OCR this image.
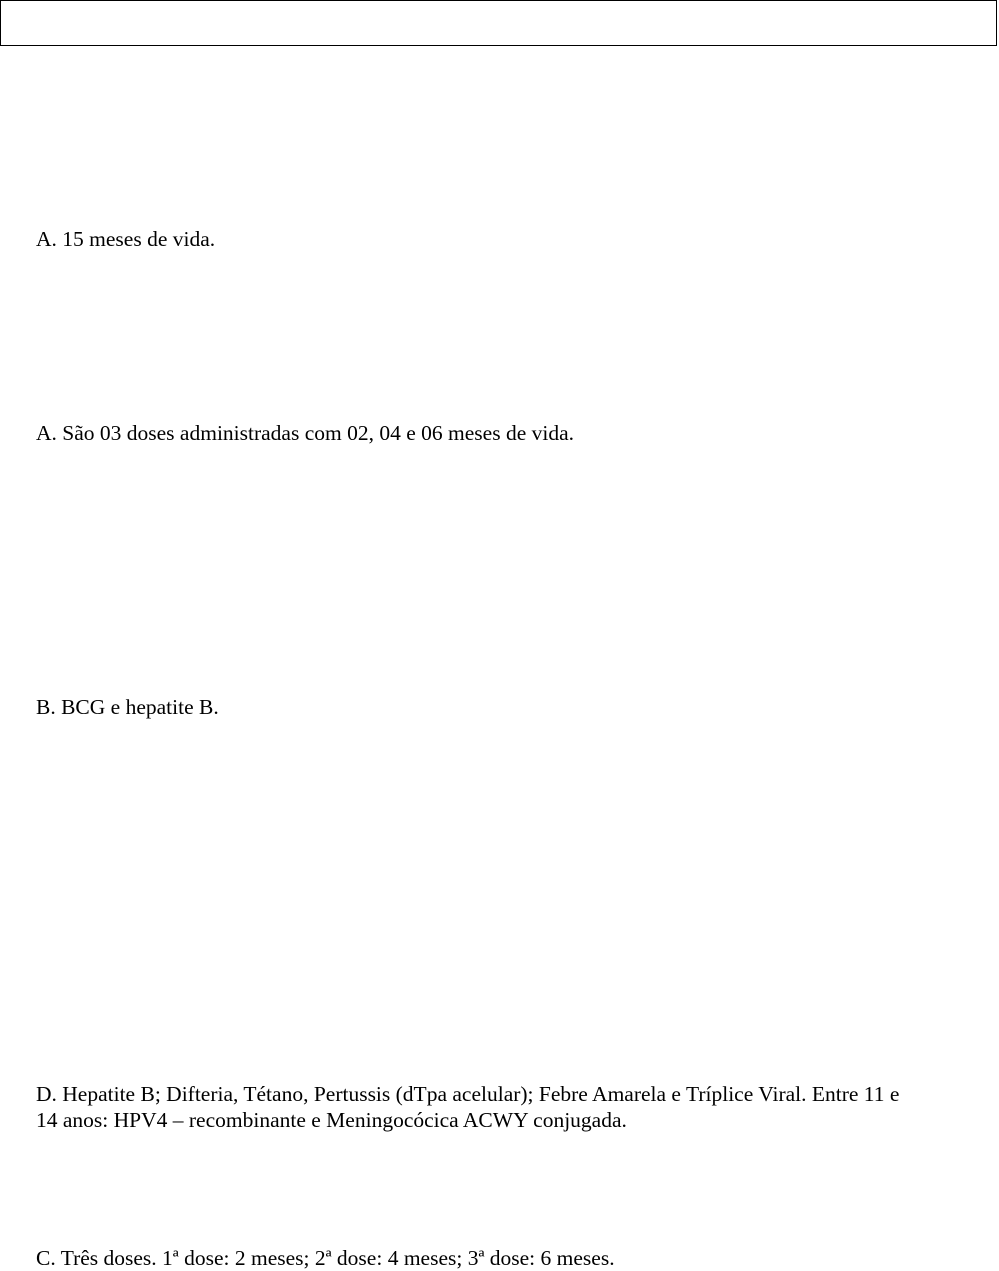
A. 15 meses de vida.

A. São 03 doses administradas com 02, 04 e 06 meses de vida.

B. BCG e hepatite B.

D. Hepatite B; Difteria, Tétano, Pertussis (dTpa acelular); Febre Amarela e Tríplice Viral. Entre 11 e
14 anos: HPV4 – recombinante e Meningocócica ACWY conjugada.

C. Três doses. 1ª dose: 2 meses; 2ª dose: 4 meses; 3ª dose: 6 meses.
